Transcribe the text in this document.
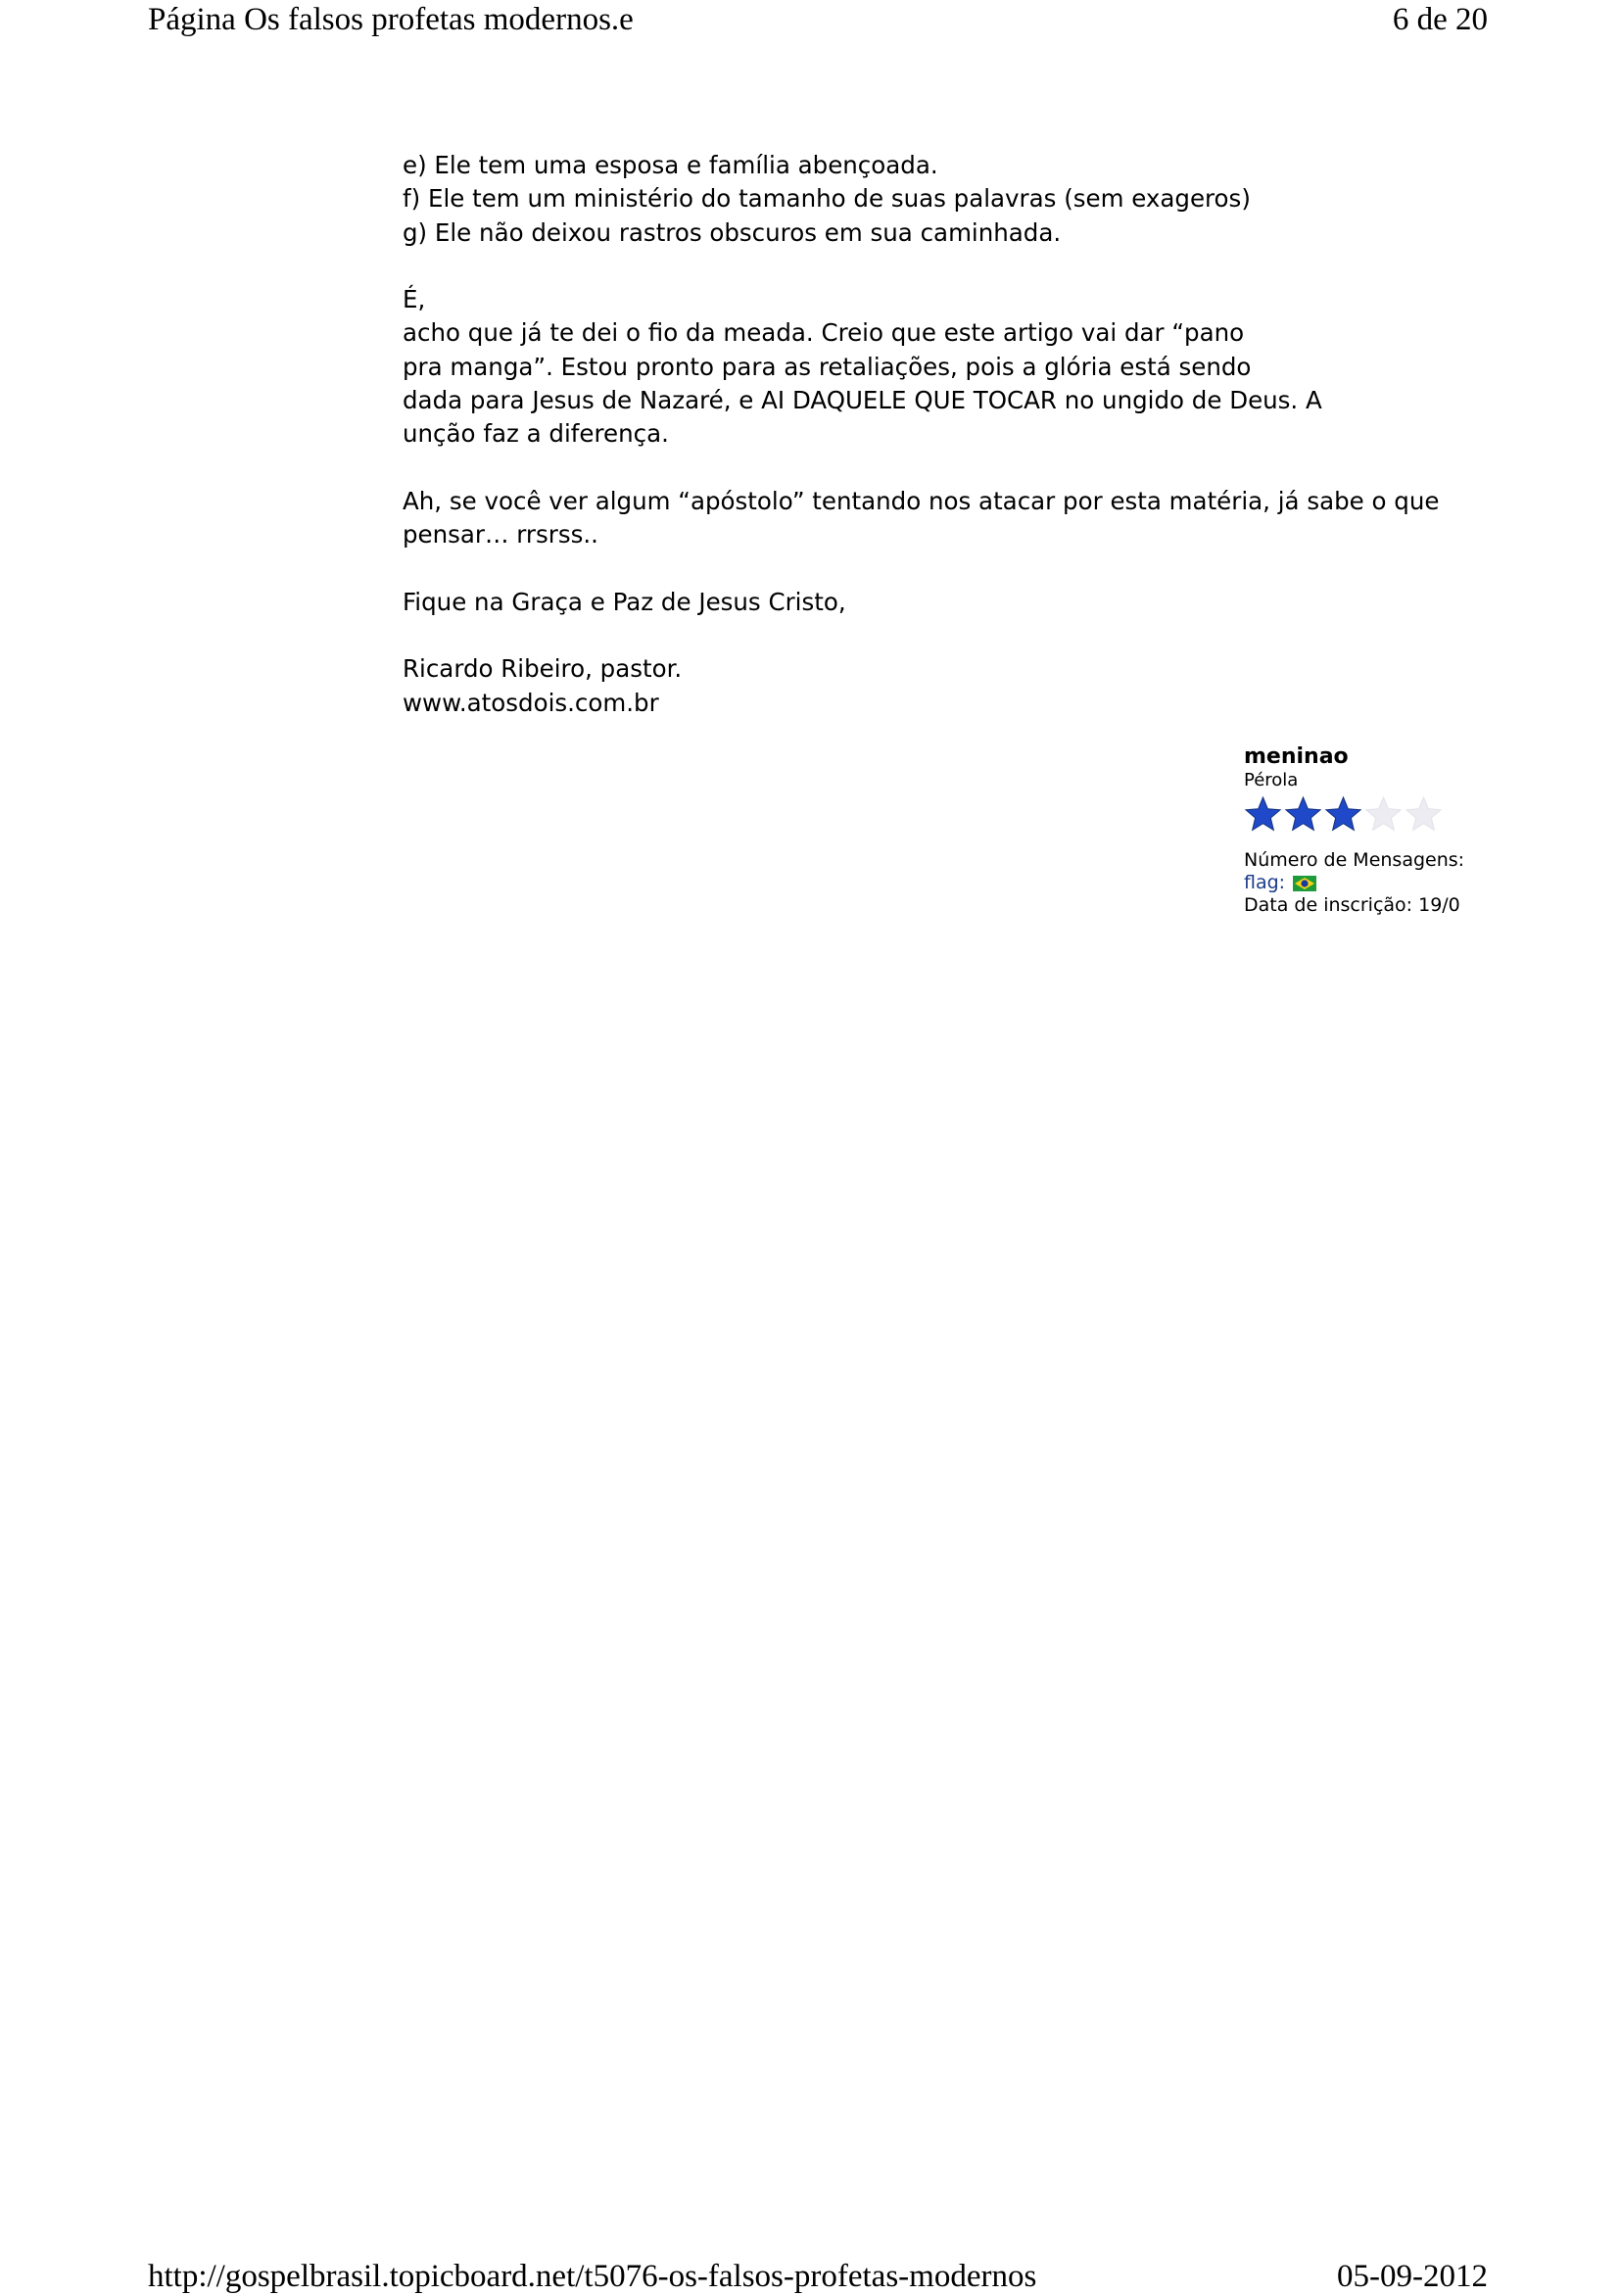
Página Os falsos profetas modernos.e	6 de 20
e) Ele tem uma esposa e família abençoada.
f) Ele tem um ministério do tamanho de suas palavras (sem exageros)
g) Ele não deixou rastros obscuros em sua caminhada.
É,
acho que já te dei o fio da meada. Creio que este artigo vai dar “pano
pra manga”. Estou pronto para as retaliações, pois a glória está sendo
dada para Jesus de Nazaré, e AI DAQUELE QUE TOCAR no ungido de Deus. A
unção faz a diferença.
Ah, se você ver algum “apóstolo” tentando nos atacar por esta matéria, já sabe o que
pensar… rrsrss..
Fique na Graça e Paz de Jesus Cristo,
Ricardo Ribeiro, pastor.
www.atosdois.com.br
meninao
Pérola
Número de Mensagens:
flag:
Data de inscrição: 19/0
http://gospelbrasil.topicboard.net/t5076-os-falsos-profetas-modernos	05-09-2012
